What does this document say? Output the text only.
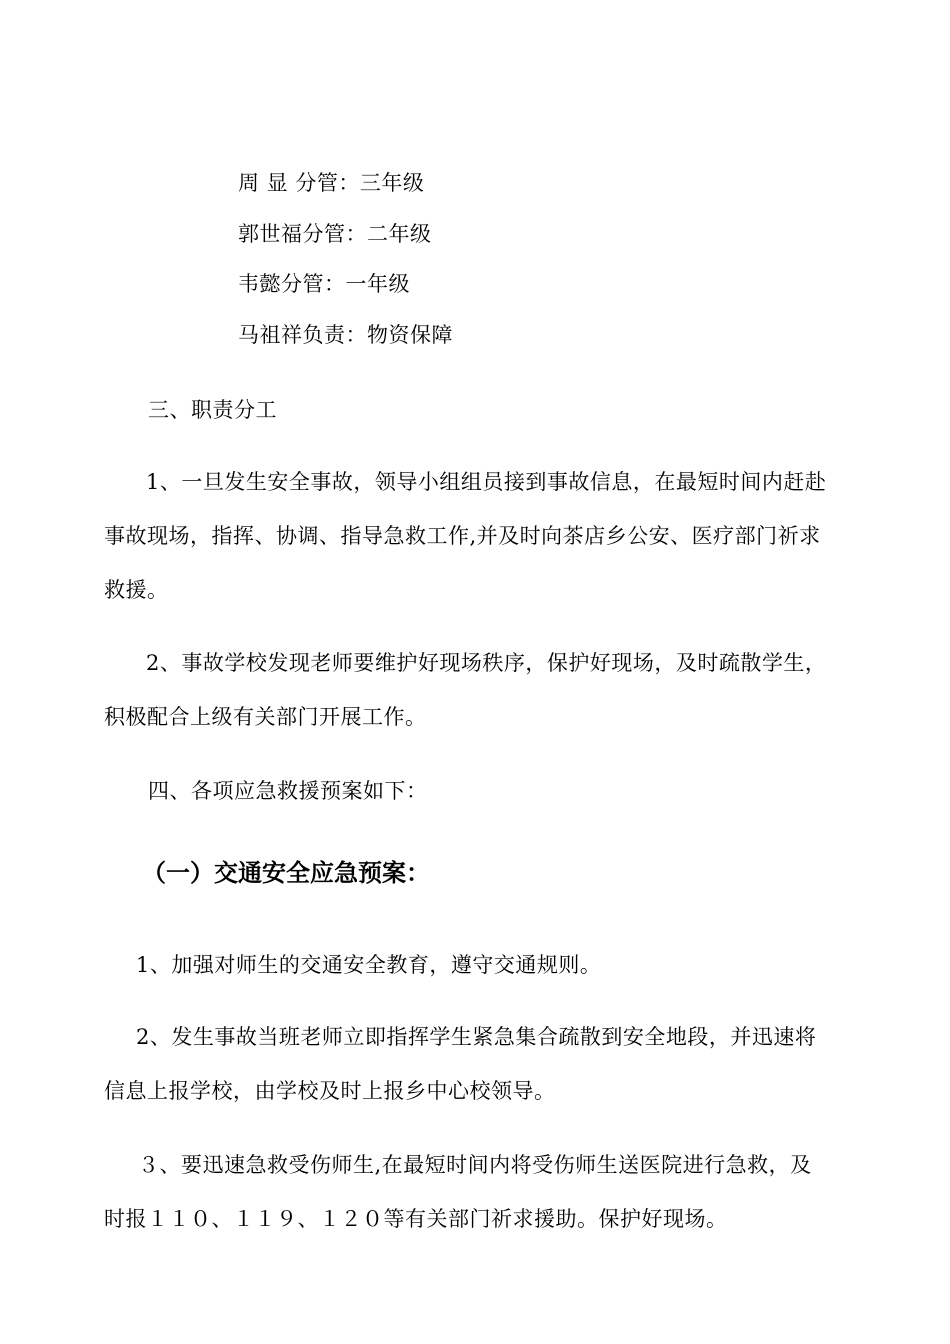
周 显 分管：三年级
郭世福分管：二年级
韦懿分管：一年级
马祖祥负责：物资保障
三、职责分工
1、一旦发生安全事故，领导小组组员接到事故信息，在最短时间内赶赴
事故现场，指挥、协调、指导急救工作,并及时向茶店乡公安、医疗部门祈求
救援。
2、事故学校发现老师要维护好现场秩序，保护好现场，及时疏散学生，
积极配合上级有关部门开展工作。
四、各项应急救援预案如下：
（一）交通安全应急预案：
1、加强对师生的交通安全教育，遵守交通规则。
2、发生事故当班老师立即指挥学生紧急集合疏散到安全地段，并迅速将
信息上报学校，由学校及时上报乡中心校领导。
３、要迅速急救受伤师生,在最短时间内将受伤师生送医院进行急救，及
时报１１０、１１９、１２０等有关部门祈求援助。保护好现场。
